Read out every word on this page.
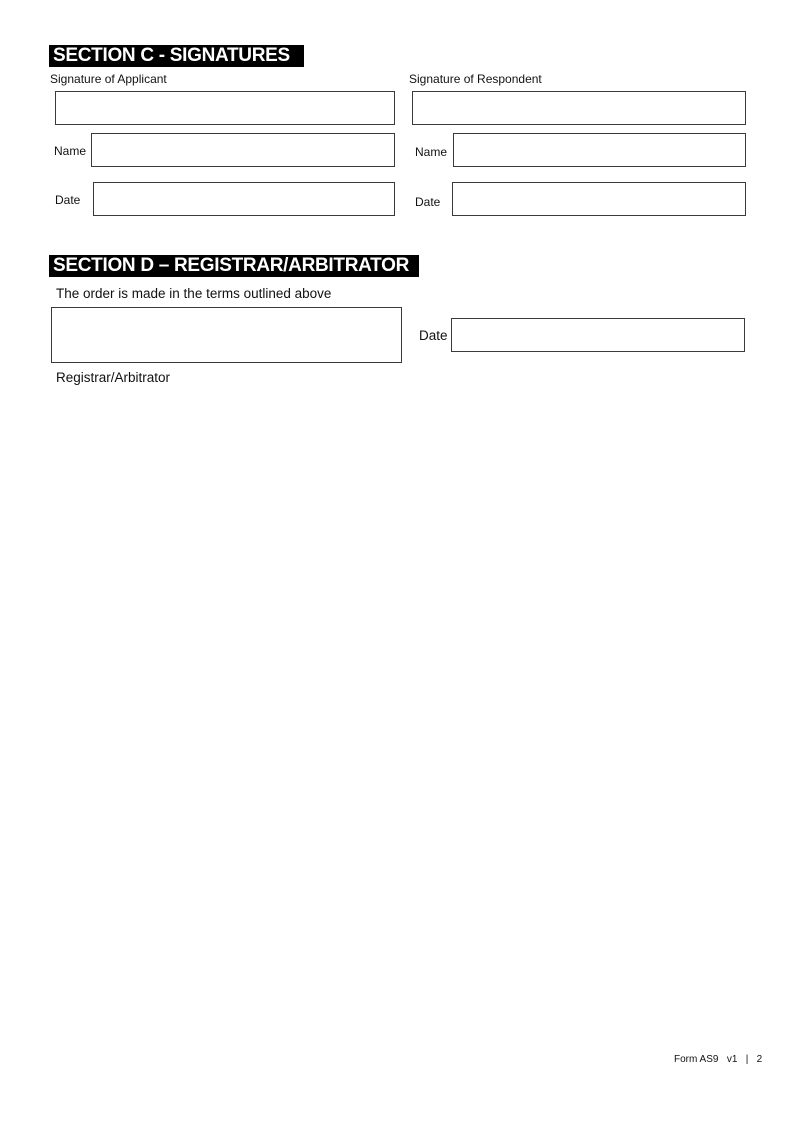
SECTION C - SIGNATURES
Signature of Applicant
Name
Date
Signature of Respondent
Name
Date
SECTION D – REGISTRAR/ARBITRATOR
The order is made in the terms outlined above
Date
Registrar/Arbitrator
Form AS9 v1 | 2
